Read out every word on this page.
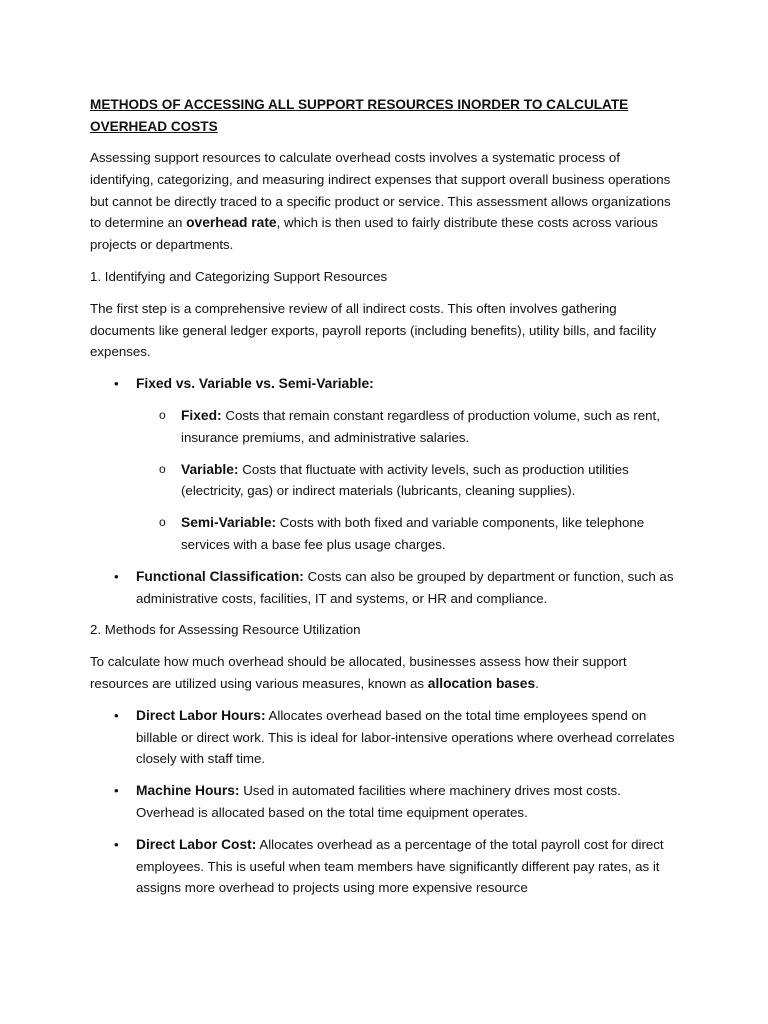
METHODS OF ACCESSING ALL SUPPORT RESOURCES INORDER TO CALCULATE OVERHEAD COSTS

Assessing support resources to calculate overhead costs involves a systematic process of identifying, categorizing, and measuring indirect expenses that support overall business operations but cannot be directly traced to a specific product or service. This assessment allows organizations to determine an overhead rate, which is then used to fairly distribute these costs across various projects or departments.

1. Identifying and Categorizing Support Resources

The first step is a comprehensive review of all indirect costs. This often involves gathering documents like general ledger exports, payroll reports (including benefits), utility bills, and facility expenses.

• Fixed vs. Variable vs. Semi-Variable:
o Fixed: Costs that remain constant regardless of production volume, such as rent, insurance premiums, and administrative salaries.
o Variable: Costs that fluctuate with activity levels, such as production utilities (electricity, gas) or indirect materials (lubricants, cleaning supplies).
o Semi-Variable: Costs with both fixed and variable components, like telephone services with a base fee plus usage charges.
• Functional Classification: Costs can also be grouped by department or function, such as administrative costs, facilities, IT and systems, or HR and compliance.

2. Methods for Assessing Resource Utilization

To calculate how much overhead should be allocated, businesses assess how their support resources are utilized using various measures, known as allocation bases.

• Direct Labor Hours: Allocates overhead based on the total time employees spend on billable or direct work. This is ideal for labor-intensive operations where overhead correlates closely with staff time.
• Machine Hours: Used in automated facilities where machinery drives most costs. Overhead is allocated based on the total time equipment operates.
• Direct Labor Cost: Allocates overhead as a percentage of the total payroll cost for direct employees. This is useful when team members have significantly different pay rates, as it assigns more overhead to projects using more expensive resource
